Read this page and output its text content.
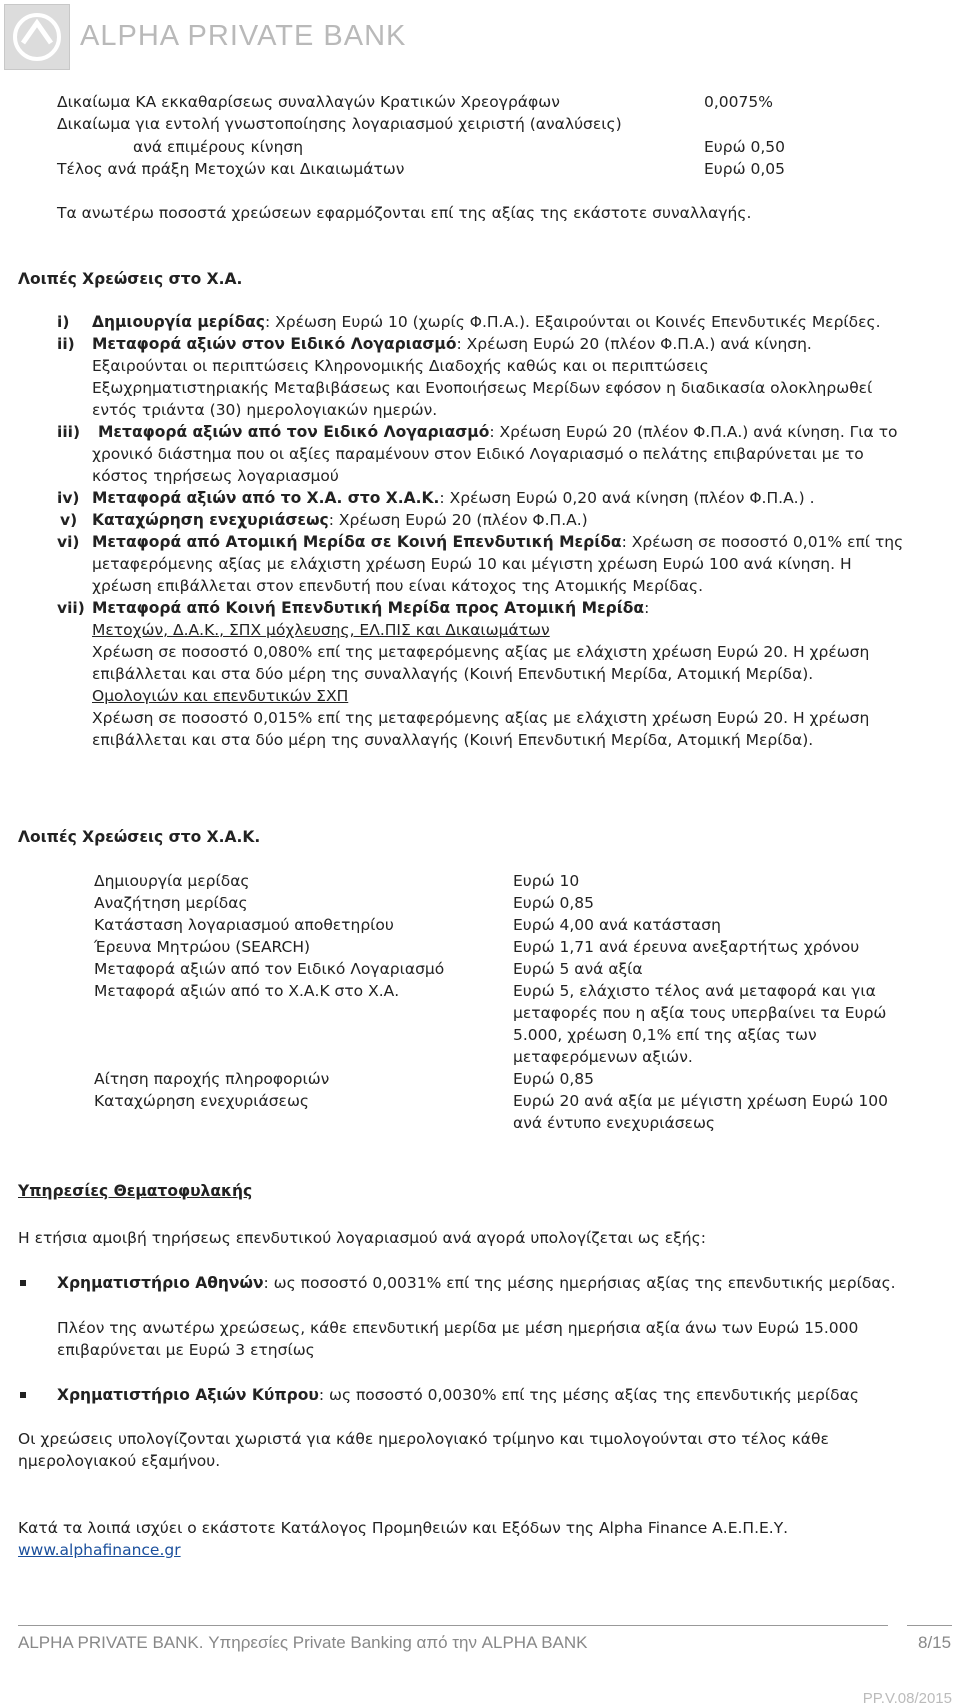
ALPHA PRIVATE BANK
Δικαίωμα ΚΑ εκκαθαρίσεως συναλλαγών Κρατικών Χρεογράφων	0,0075%
Δικαίωμα για εντολή γνωστοποίησης λογαριασμού χειριστή (αναλύσεις)
ανά επιμέρους κίνηση	Ευρώ 0,50
Τέλος ανά πράξη Μετοχών και Δικαιωμάτων	Ευρώ 0,05
Τα ανωτέρω ποσοστά χρεώσεων εφαρμόζονται επί της αξίας της εκάστοτε συναλλαγής.
Λοιπές Χρεώσεις στο Χ.Α.
i) Δημιουργία μερίδας: Χρέωση Ευρώ 10 (χωρίς Φ.Π.Α.). Εξαιρούνται οι Κοινές Επενδυτικές Μερίδες.
ii) Μεταφορά αξιών στον Ειδικό Λογαριασμό: Χρέωση Ευρώ 20 (πλέον Φ.Π.Α.) ανά κίνηση.
Εξαιρούνται οι περιπτώσεις Κληρονομικής Διαδοχής καθώς και οι περιπτώσεις
Εξωχρηματιστηριακής Μεταβιβάσεως και Ενοποιήσεως Μερίδων εφόσον η διαδικασία ολοκληρωθεί
εντός τριάντα (30) ημερολογιακών ημερών.
iii) Μεταφορά αξιών από τον Ειδικό Λογαριασμό: Χρέωση Ευρώ 20 (πλέον Φ.Π.Α.) ανά κίνηση. Για το
χρονικό διάστημα που οι αξίες παραμένουν στον Ειδικό Λογαριασμό ο πελάτης επιβαρύνεται με το
κόστος τηρήσεως λογαριασμού
iv) Μεταφορά αξιών από το Χ.Α. στο Χ.Α.Κ.: Χρέωση Ευρώ 0,20 ανά κίνηση (πλέον Φ.Π.Α.) .
v) Καταχώρηση ενεχυριάσεως: Χρέωση Ευρώ 20 (πλέον Φ.Π.Α.)
vi) Μεταφορά από Ατομική Μερίδα σε Κοινή Επενδυτική Μερίδα: Χρέωση σε ποσοστό 0,01% επί της
μεταφερόμενης αξίας με ελάχιστη χρέωση Ευρώ 10 και μέγιστη χρέωση Ευρώ 100 ανά κίνηση. Η
χρέωση επιβάλλεται στον επενδυτή που είναι κάτοχος της Ατομικής Μερίδας.
vii) Μεταφορά από Κοινή Επενδυτική Μερίδα προς Ατομική Μερίδα:
Μετοχών, Δ.Α.Κ., ΣΠΧ μόχλευσης, ΕΛ.ΠΙΣ και Δικαιωμάτων
Χρέωση σε ποσοστό 0,080% επί της μεταφερόμενης αξίας με ελάχιστη χρέωση Ευρώ 20. Η χρέωση
επιβάλλεται και στα δύο μέρη της συναλλαγής (Κοινή Επενδυτική Μερίδα, Ατομική Μερίδα).
Ομολογιών και επενδυτικών ΣΧΠ
Χρέωση σε ποσοστό 0,015% επί της μεταφερόμενης αξίας με ελάχιστη χρέωση Ευρώ 20. Η χρέωση
επιβάλλεται και στα δύο μέρη της συναλλαγής (Κοινή Επενδυτική Μερίδα, Ατομική Μερίδα).
Λοιπές Χρεώσεις στο Χ.Α.Κ.
Δημιουργία μερίδας	Ευρώ 10
Αναζήτηση μερίδας	Ευρώ 0,85
Κατάσταση λογαριασμού αποθετηρίου	Ευρώ 4,00 ανά κατάσταση
Έρευνα Μητρώου (SEARCH)	Ευρώ 1,71 ανά έρευνα ανεξαρτήτως χρόνου
Μεταφορά αξιών από τον Ειδικό Λογαριασμό	Ευρώ 5 ανά αξία
Μεταφορά αξιών από το Χ.Α.Κ στο Χ.Α.	Ευρώ 5, ελάχιστο τέλος ανά μεταφορά και για
μεταφορές που η αξία τους υπερβαίνει τα Ευρώ
5.000, χρέωση 0,1% επί της αξίας των
μεταφερόμενων αξιών.
Αίτηση παροχής πληροφοριών	Ευρώ 0,85
Καταχώρηση ενεχυριάσεως	Ευρώ 20 ανά αξία με μέγιστη χρέωση Ευρώ 100
ανά έντυπο ενεχυριάσεως
Υπηρεσίες Θεματοφυλακής
Η ετήσια αμοιβή τηρήσεως επενδυτικού λογαριασμού ανά αγορά υπολογίζεται ως εξής:
Χρηματιστήριο Αθηνών: ως ποσοστό 0,0031% επί της μέσης ημερήσιας αξίας της επενδυτικής μερίδας.
Πλέον της ανωτέρω χρεώσεως, κάθε επενδυτική μερίδα με μέση ημερήσια αξία άνω των Ευρώ 15.000
επιβαρύνεται με Ευρώ 3 ετησίως
Χρηματιστήριο Αξιών Κύπρου: ως ποσοστό 0,0030% επί της μέσης αξίας της επενδυτικής μερίδας
Οι χρεώσεις υπολογίζονται χωριστά για κάθε ημερολογιακό τρίμηνο και τιμολογούνται στο τέλος κάθε
ημερολογιακού εξαμήνου.
Κατά τα λοιπά ισχύει ο εκάστοτε Κατάλογος Προμηθειών και Εξόδων της Alpha Finance Α.Ε.Π.Ε.Υ.
www.alphafinance.gr
ALPHA PRIVATE BANK. Υπηρεσίες Private Banking από την ALPHA BANK	8/15
PP.V.08/2015
